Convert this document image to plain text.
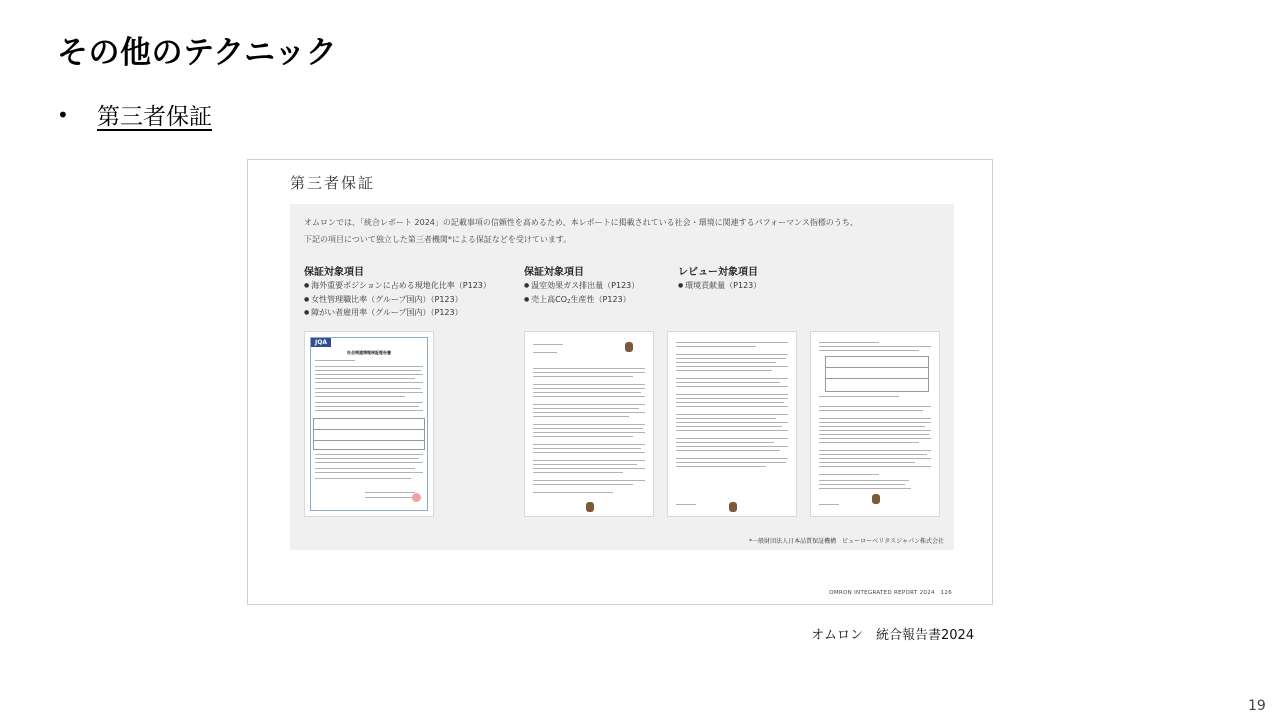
その他のテクニック
•	第三者保証
第三者保証
オムロンでは、「統合レポート 2024」の記載事項の信頼性を高めるため、本レポートに掲載されている社会・環境に関連するパフォーマンス指標のうち、
下記の項目について独立した第三者機関*による保証などを受けています。
保証対象項目
● 海外重要ポジションに占める現地化比率（P123）
● 女性管理職比率（グループ国内）（P123）
● 障がい者雇用率（グループ国内）（P123）
保証対象項目
● 温室効果ガス排出量（P123）
● 売上高CO2生産性（P123）
レビュー対象項目
● 環境貢献量（P123）
JQA
社会関連情報検証報告書
*一般財団法人日本品質保証機構　ビューローベリタスジャパン株式会社
OMRON INTEGRATED REPORT 2024　126
オムロン　統合報告書2024
19
